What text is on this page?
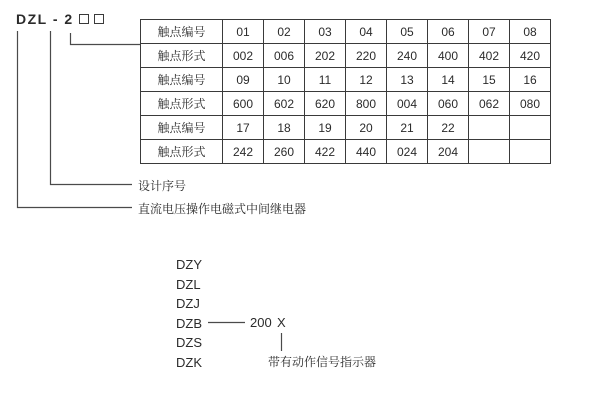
DZL - 2
触点编号	01	02	03	04	05	06	07	08
触点形式	002	006	202	220	240	400	402	420
触点编号	09	10	11	12	13	14	15	16
触点形式	600	602	620	800	004	060	062	080
触点编号	17	18	19	20	21	22		
触点形式	242	260	422	440	024	204		
设计序号
直流电压操作电磁式中间继电器
DZY
DZL
DZJ
DZB
DZS
DZK
200 X
带有动作信号指示器
